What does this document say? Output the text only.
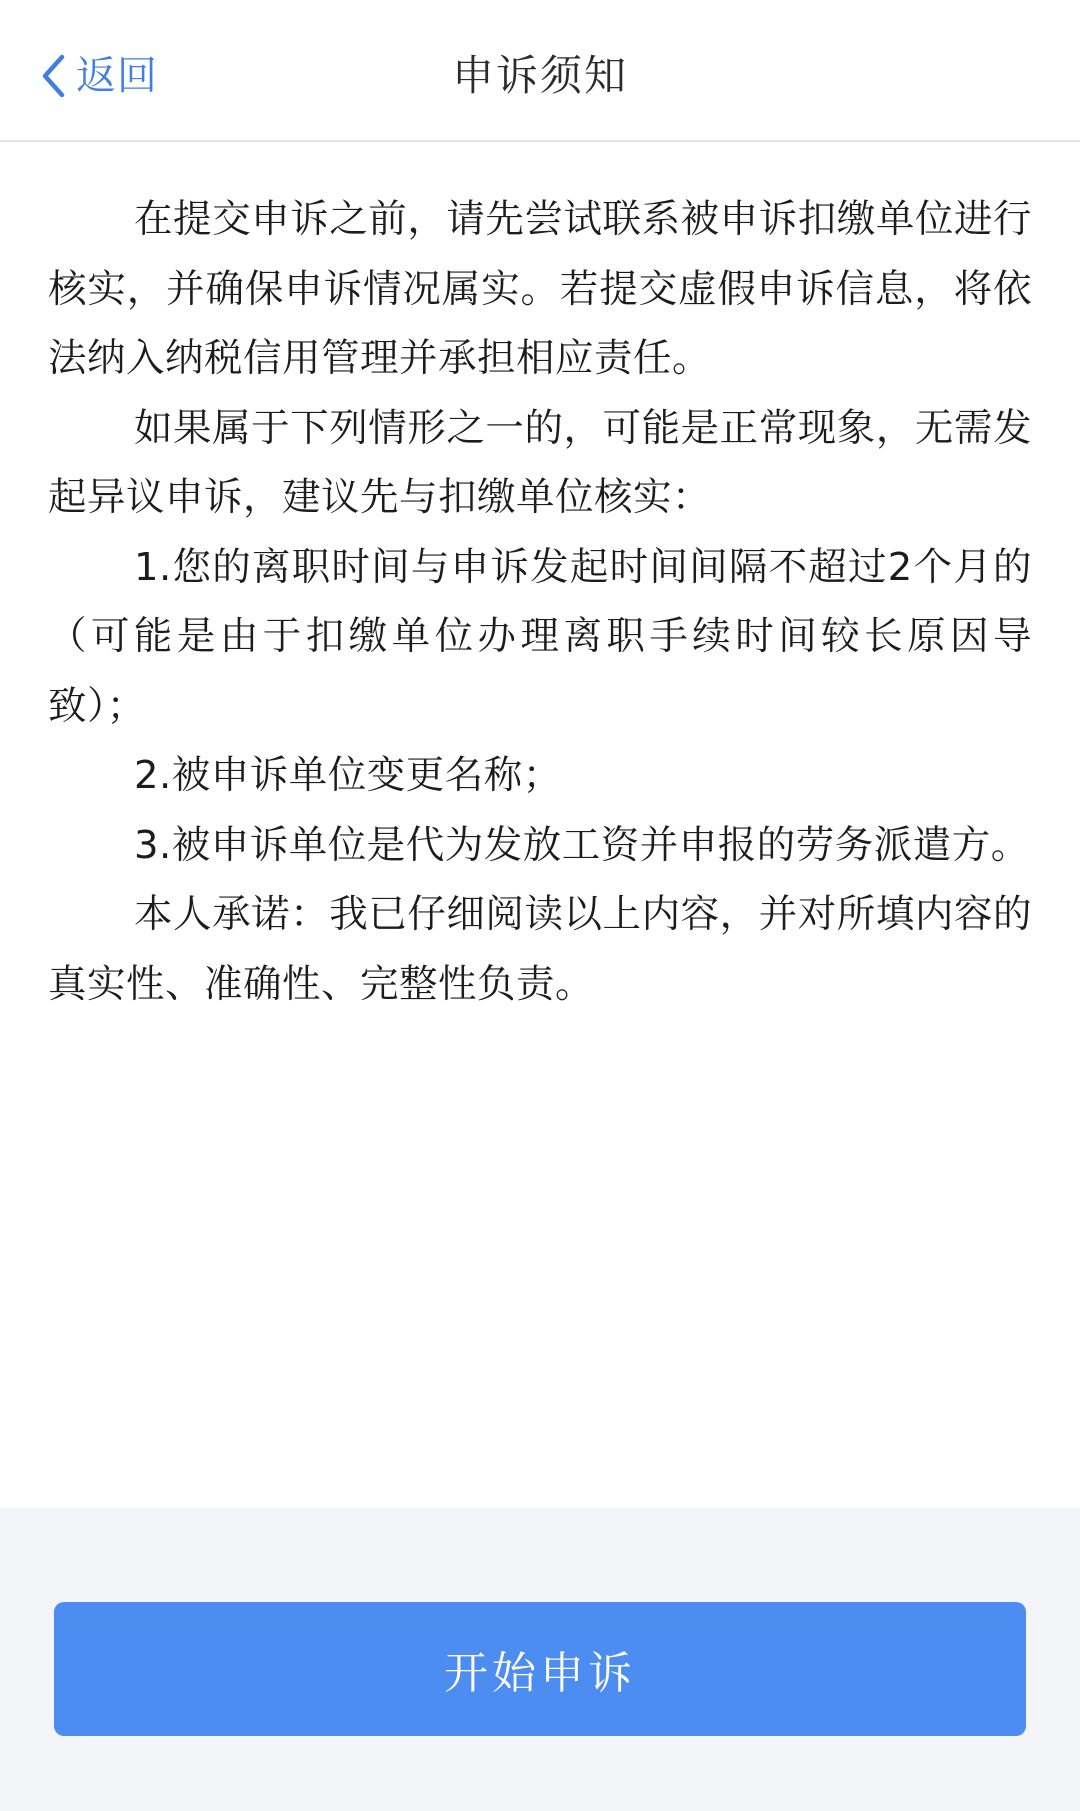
返回	申诉须知

在提交申诉之前，请先尝试联系被申诉扣缴单位进行核实，并确保申诉情况属实。若提交虚假申诉信息，将依法纳入纳税信用管理并承担相应责任。

如果属于下列情形之一的，可能是正常现象，无需发起异议申诉，建议先与扣缴单位核实：

1.您的离职时间与申诉发起时间间隔不超过2个月的（可能是由于扣缴单位办理离职手续时间较长原因导致）；

2.被申诉单位变更名称；

3.被申诉单位是代为发放工资并申报的劳务派遣方。

本人承诺：我已仔细阅读以上内容，并对所填内容的真实性、准确性、完整性负责。

开始申诉
